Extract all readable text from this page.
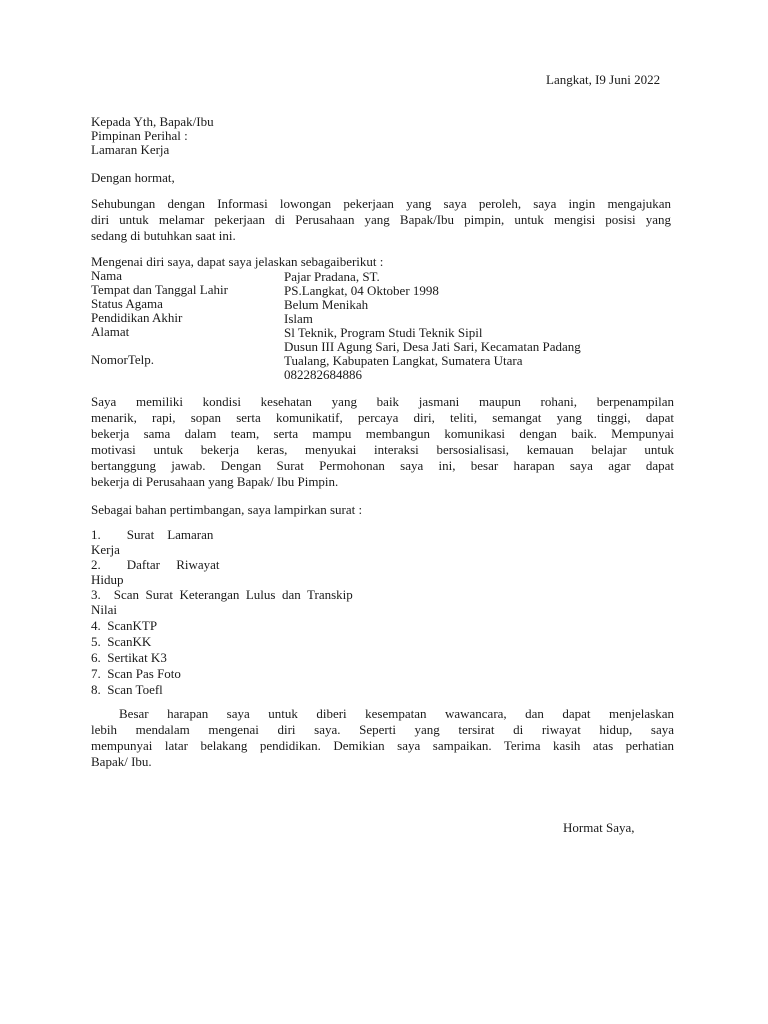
Langkat, I9 Juni 2022
Kepada Yth, Bapak/Ibu
Pimpinan Perihal :
Lamaran Kerja
Dengan hormat,
Sehubungan dengan Informasi lowongan pekerjaan yang saya peroleh, saya ingin mengajukan
diri untuk melamar pekerjaan di Perusahaan yang Bapak/Ibu pimpin, untuk mengisi posisi yang
sedang di butuhkan saat ini.
Mengenai diri saya, dapat saya jelaskan sebagaiberikut :
Nama	Pajar Pradana, ST.
Tempat dan Tanggal Lahir	PS.Langkat, 04 Oktober 1998
Status Agama	Belum Menikah
Pendidikan Akhir	Islam
Alamat	Sl Teknik, Program Studi Teknik Sipil
Dusun III Agung Sari, Desa Jati Sari, Kecamatan Padang
NomorTelp.	Tualang, Kabupaten Langkat, Sumatera Utara
082282684886
Saya memiliki kondisi kesehatan yang baik jasmani maupun rohani, berpenampilan
menarik, rapi, sopan serta komunikatif, percaya diri, teliti, semangat yang tinggi, dapat
bekerja sama dalam team, serta mampu membangun komunikasi dengan baik. Mempunyai
motivasi untuk bekerja keras, menyukai interaksi bersosialisasi, kemauan belajar untuk
bertanggung jawab. Dengan Surat Permohonan saya ini, besar harapan saya agar dapat
bekerja di Perusahaan yang Bapak/ Ibu Pimpin.
Sebagai bahan pertimbangan, saya lampirkan surat :
1.        Surat    Lamaran
Kerja
2.        Daftar     Riwayat
Hidup
3.    Scan  Surat  Keterangan  Lulus  dan  Transkip
Nilai
4.  ScanKTP
5.  ScanKK
6.  Sertikat K3
7.  Scan Pas Foto
8.  Scan Toefl
Besar harapan saya untuk diberi kesempatan wawancara, dan dapat menjelaskan
lebih mendalam mengenai diri saya. Seperti yang tersirat di riwayat hidup, saya
mempunyai latar belakang pendidikan. Demikian saya sampaikan. Terima kasih atas perhatian
Bapak/ Ibu.
Hormat Saya,
